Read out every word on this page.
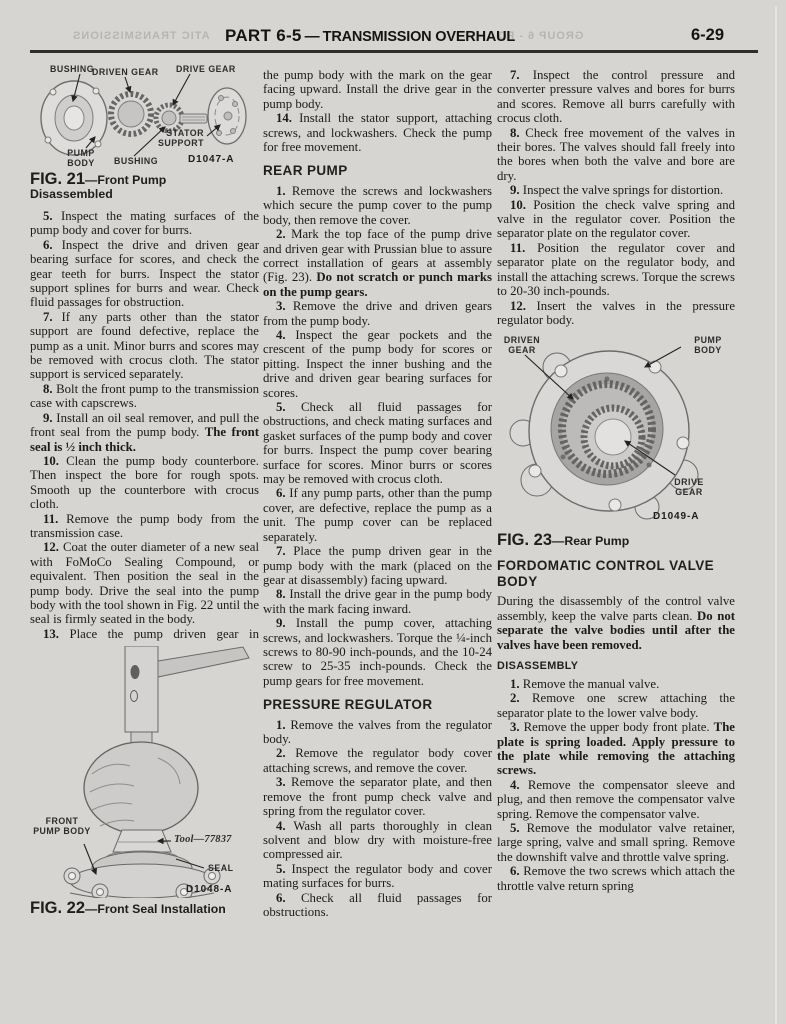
ATIC TRANSMISSIONS	GROUP 6 - FO
PART 6-5 — TRANSMISSION OVERHAUL	6-29
BUSHING
DRIVEN GEAR DRIVE GEAR
STATOR SUPPORT
PUMP BODY	BUSHING	D1047-A
FIG. 21—Front Pump
Disassembled

5. Inspect the mating surfaces of the pump body and cover for burrs.

6. Inspect the drive and driven gear bearing surface for scores, and check the gear teeth for burrs. Inspect the stator support splines for burrs and wear. Check fluid passages for obstruction.

7. If any parts other than the stator support are found defective, replace the pump as a unit. Minor burrs and scores may be removed with crocus cloth. The stator support is serviced separately.

8. Bolt the front pump to the transmission case with capscrews.

9. Install an oil seal remover, and pull the front seal from the pump body. The front seal is ½ inch thick.

10. Clean the pump body counterbore. Then inspect the bore for rough spots. Smooth up the counterbore with crocus cloth.

11. Remove the pump body from the transmission case.

12. Coat the outer diameter of a new seal with FoMoCo Sealing Compound, or equivalent. Then position the seal in the pump body. Drive the seal into the pump body with the tool shown in Fig. 22 until the seal is firmly seated in the body.

13. Place the pump driven gear in

FRONT PUMP BODY
Tool—77837
SEAL
D1048-A
FIG. 22—Front Seal Installation

the pump body with the mark on the gear facing upward. Install the drive gear in the pump body.

14. Install the stator support, attaching screws, and lockwashers. Check the pump for free movement.

REAR PUMP

1. Remove the screws and lockwashers which secure the pump cover to the pump body, then remove the cover.

2. Mark the top face of the pump drive and driven gear with Prussian blue to assure correct installation of gears at assembly (Fig. 23). Do not scratch or punch marks on the pump gears.

3. Remove the drive and driven gears from the pump body.

4. Inspect the gear pockets and the crescent of the pump body for scores or pitting. Inspect the inner bushing and the drive and driven gear bearing surfaces for scores.

5. Check all fluid passages for obstructions, and check mating surfaces and gasket surfaces of the pump body and cover for burrs. Inspect the pump cover bearing surface for scores. Minor burrs or scores may be removed with crocus cloth.

6. If any pump parts, other than the pump cover, are defective, replace the pump as a unit. The pump cover can be replaced separately.

7. Place the pump driven gear in the pump body with the mark (placed on the gear at disassembly) facing upward.

8. Install the drive gear in the pump body with the mark facing inward.

9. Install the pump cover, attaching screws, and lockwashers. Torque the ¼-inch screws to 80-90 inch-pounds, and the 10-24 screw to 25-35 inch-pounds. Check the pump gears for free movement.

PRESSURE REGULATOR

1. Remove the valves from the regulator body.

2. Remove the regulator body cover attaching screws, and remove the cover.

3. Remove the separator plate, and then remove the front pump check valve and spring from the regulator cover.

4. Wash all parts thoroughly in clean solvent and blow dry with moisture-free compressed air.

5. Inspect the regulator body and cover mating surfaces for burrs.

6. Check all fluid passages for obstructions.

7. Inspect the control pressure and converter pressure valves and bores for burrs and scores. Remove all burrs carefully with crocus cloth.

8. Check free movement of the valves in their bores. The valves should fall freely into the bores when both the valve and bore are dry.

9. Inspect the valve springs for distortion.

10. Position the check valve spring and valve in the regulator cover. Position the separator plate on the regulator cover.

11. Position the regulator cover and separator plate on the regulator body, and install the attaching screws. Torque the screws to 20-30 inch-pounds.

12. Insert the valves in the pressure regulator body.

DRIVEN GEAR
PUMP BODY
DRIVE GEAR
D1049-A
FIG. 23—Rear Pump
FORDOMATIC CONTROL VALVE BODY

During the disassembly of the control valve assembly, keep the valve parts clean. Do not separate the valve bodies until after the valves have been removed.

DISASSEMBLY

1. Remove the manual valve.

2. Remove one screw attaching the separator plate to the lower valve body.

3. Remove the upper body front plate. The plate is spring loaded. Apply pressure to the plate while removing the attaching screws.

4. Remove the compensator sleeve and plug, and then remove the compensator valve spring. Remove the compensator valve.

5. Remove the modulator valve retainer, large spring, valve and small spring. Remove the downshift valve and throttle valve spring.

6. Remove the two screws which attach the throttle valve return spring
